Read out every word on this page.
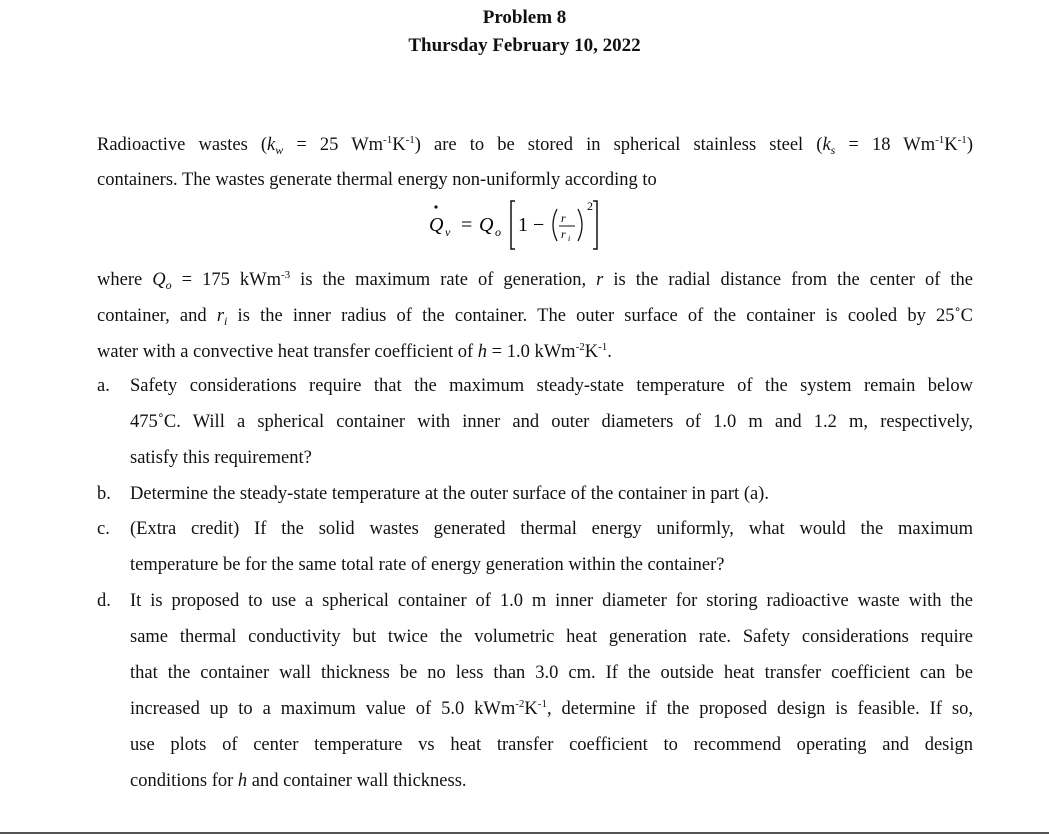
Problem 8
Thursday February 10, 2022
Radioactive wastes ($k_w = 25$ $Wm^{-1}K^{-1}$) are to be stored in spherical stainless steel ($k_s = 18$ $Wm^{-1}K^{-1}$)
containers. The wastes generate thermal energy non-uniformly according to
Q v = Q o 1 − r
r i
2
where $Q_o = 175$ kWm$^{-3}$ is the maximum rate of generation, r is the radial distance from the center of the
container, and $r_i$ is the inner radius of the container. The outer surface of the container is cooled by 25˚C
water with a convective heat transfer coefficient of h = 1.0 $kWm^{-2}K^{-1}$.
a.	Safety considerations require that the maximum steady-state temperature of the system remain below
475˚C. Will a spherical container with inner and outer diameters of 1.0 m and 1.2 m, respectively,
satisfy this requirement?
b.	Determine the steady-state temperature at the outer surface of the container in part (a).
c.	(Extra credit) If the solid wastes generated thermal energy uniformly, what would the maximum
temperature be for the same total rate of energy generation within the container?
d.	It is proposed to use a spherical container of 1.0 m inner diameter for storing radioactive waste with the
same thermal conductivity but twice the volumetric heat generation rate. Safety considerations require
that the container wall thickness be no less than 3.0 cm. If the outside heat transfer coefficient can be
increased up to a maximum value of 5.0 $kWm^{-2}K^{-1}$, determine if the proposed design is feasible. If so,
use plots of center temperature vs heat transfer coefficient to recommend operating and design
conditions for h and container wall thickness.
